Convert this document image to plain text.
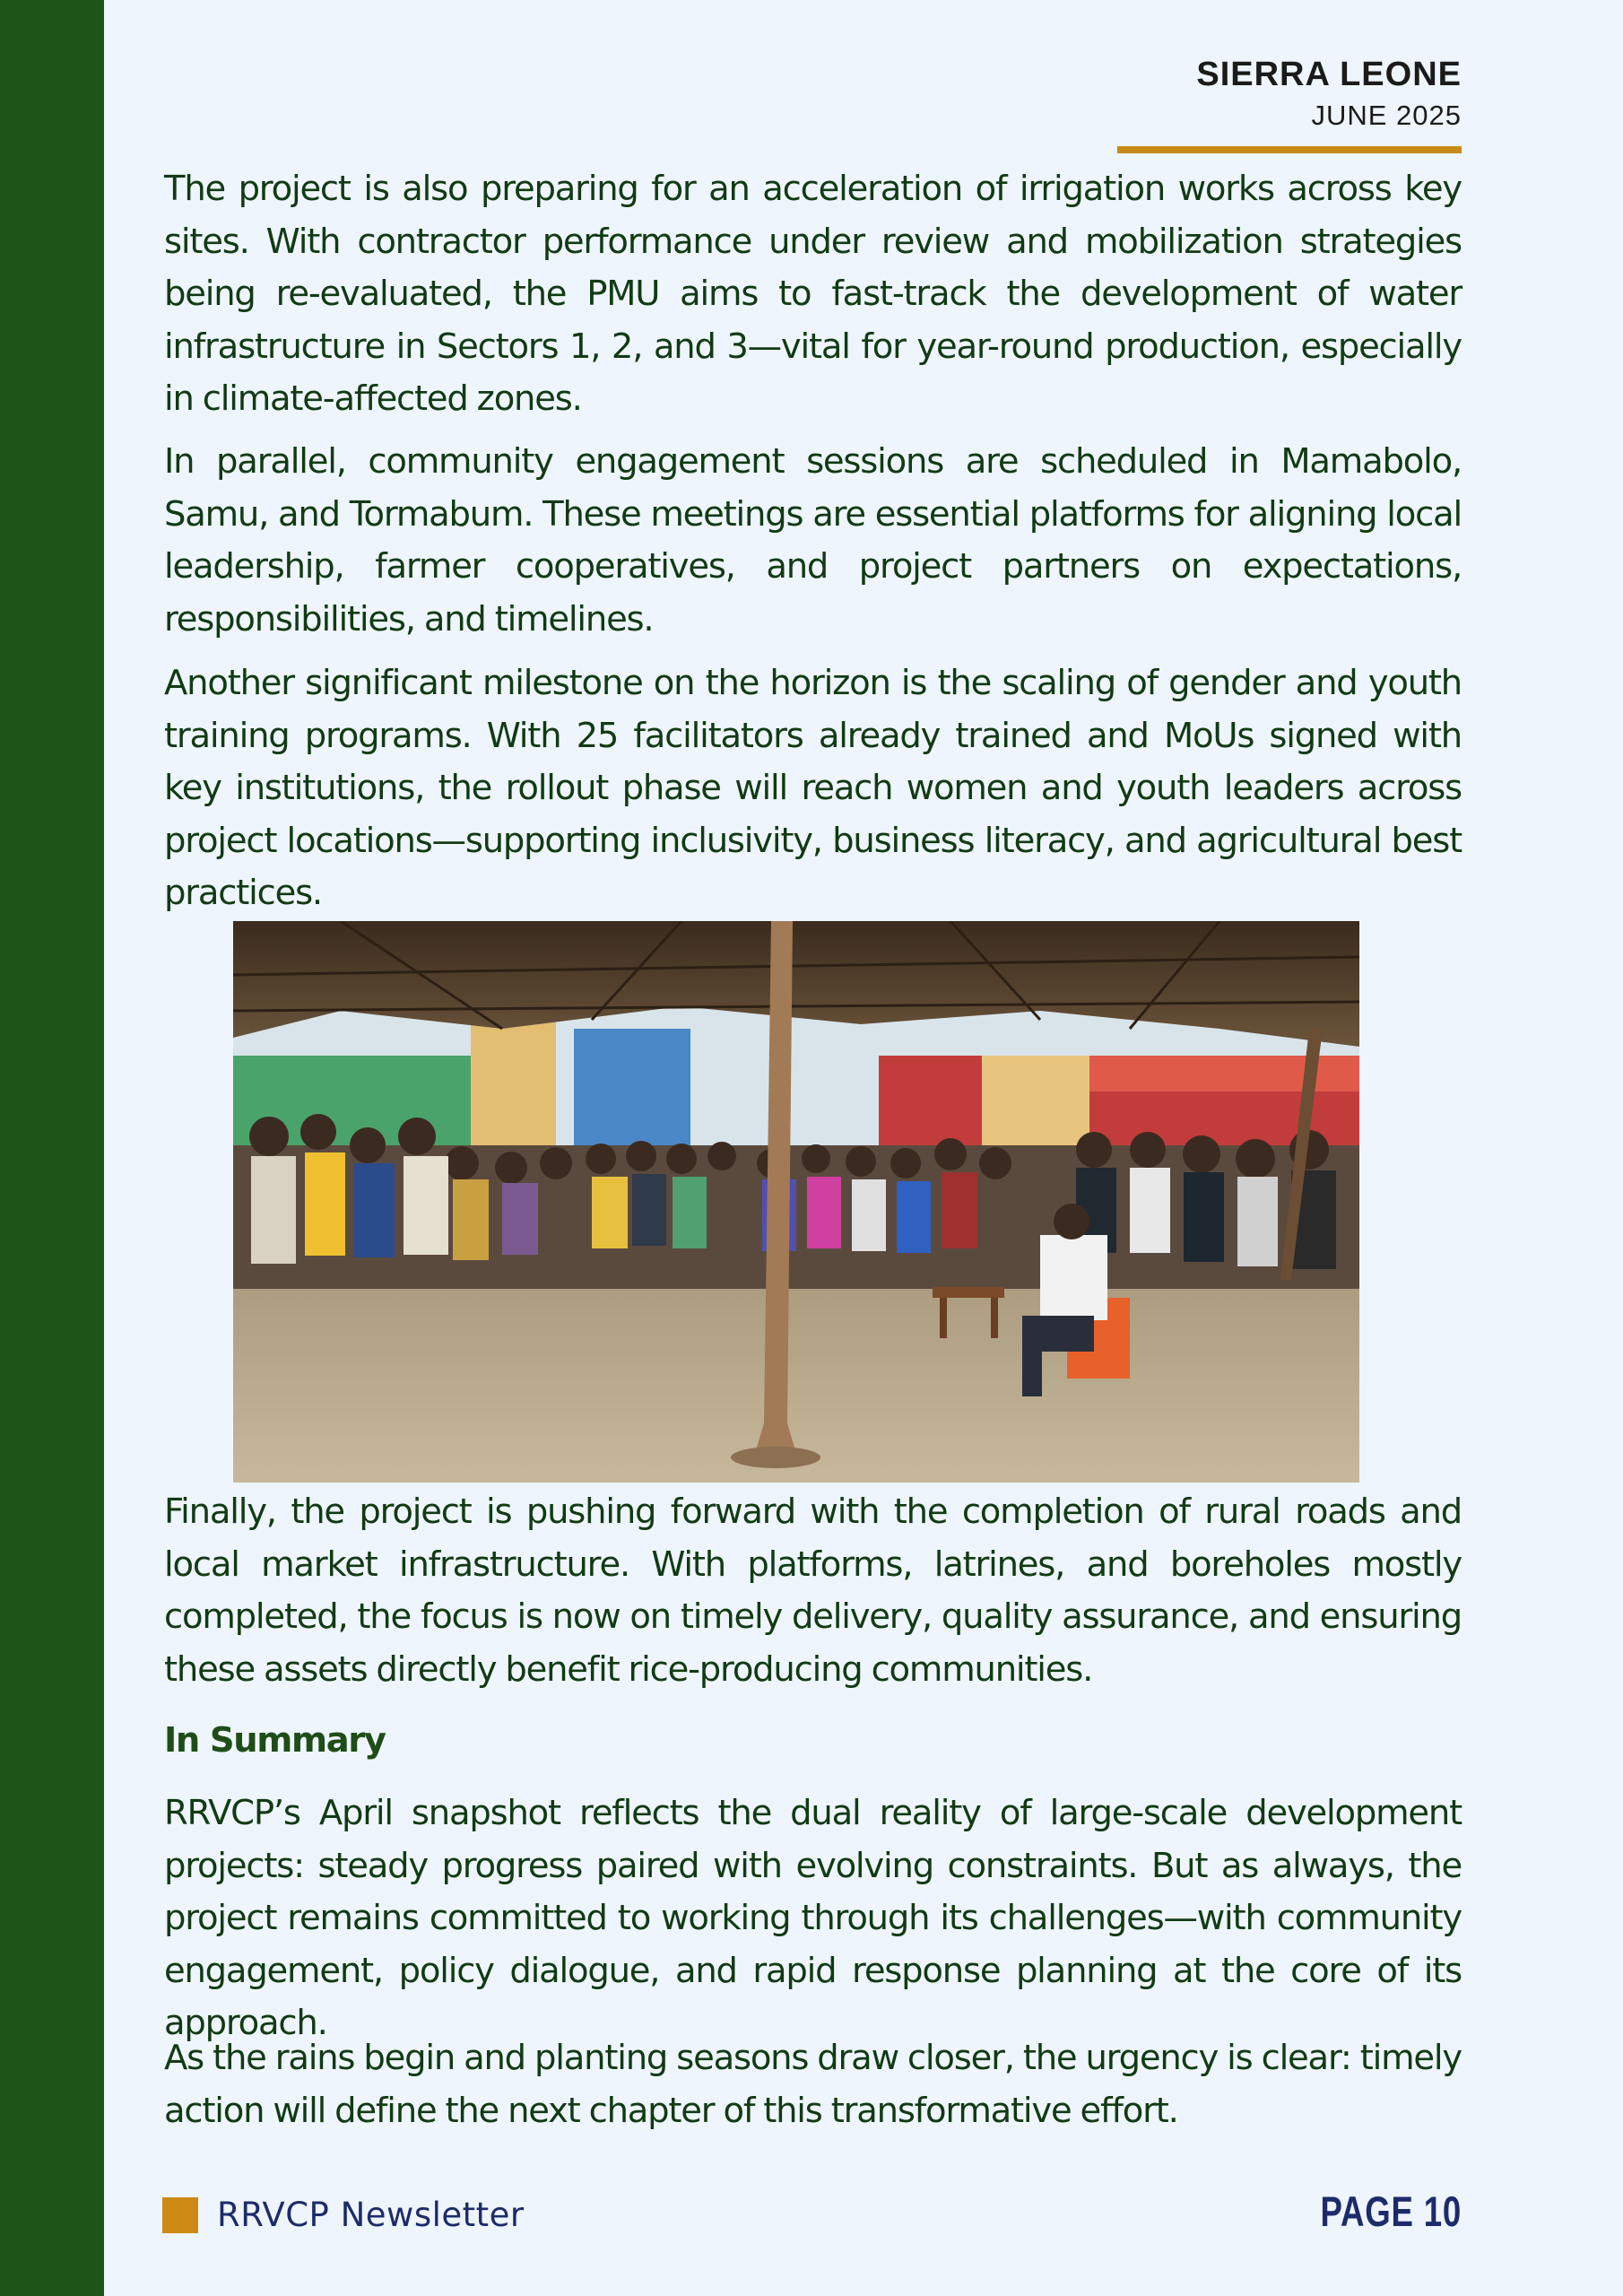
SIERRA LEONE
JUNE 2025

The project is also preparing for an acceleration of irrigation works across key sites. With contractor performance under review and mobilization strategies being re-evaluated, the PMU aims to fast-track the development of water infrastructure in Sectors 1, 2, and 3—vital for year-round production, especially in climate-affected zones.

In parallel, community engagement sessions are scheduled in Mamabolo, Samu, and Tormabum. These meetings are essential platforms for aligning local leadership, farmer cooperatives, and project partners on expectations, responsibilities, and timelines.

Another significant milestone on the horizon is the scaling of gender and youth training programs. With 25 facilitators already trained and MoUs signed with key institutions, the rollout phase will reach women and youth leaders across project locations—supporting inclusivity, business literacy, and agricultural best practices.

Finally, the project is pushing forward with the completion of rural roads and local market infrastructure. With platforms, latrines, and boreholes mostly completed, the focus is now on timely delivery, quality assurance, and ensuring these assets directly benefit rice-producing communities.

In Summary

RRVCP’s April snapshot reflects the dual reality of large-scale development projects: steady progress paired with evolving constraints. But as always, the project remains committed to working through its challenges—with community engagement, policy dialogue, and rapid response planning at the core of its approach.

As the rains begin and planting seasons draw closer, the urgency is clear: timely action will define the next chapter of this transformative effort.

RRVCP Newsletter	PAGE 10
